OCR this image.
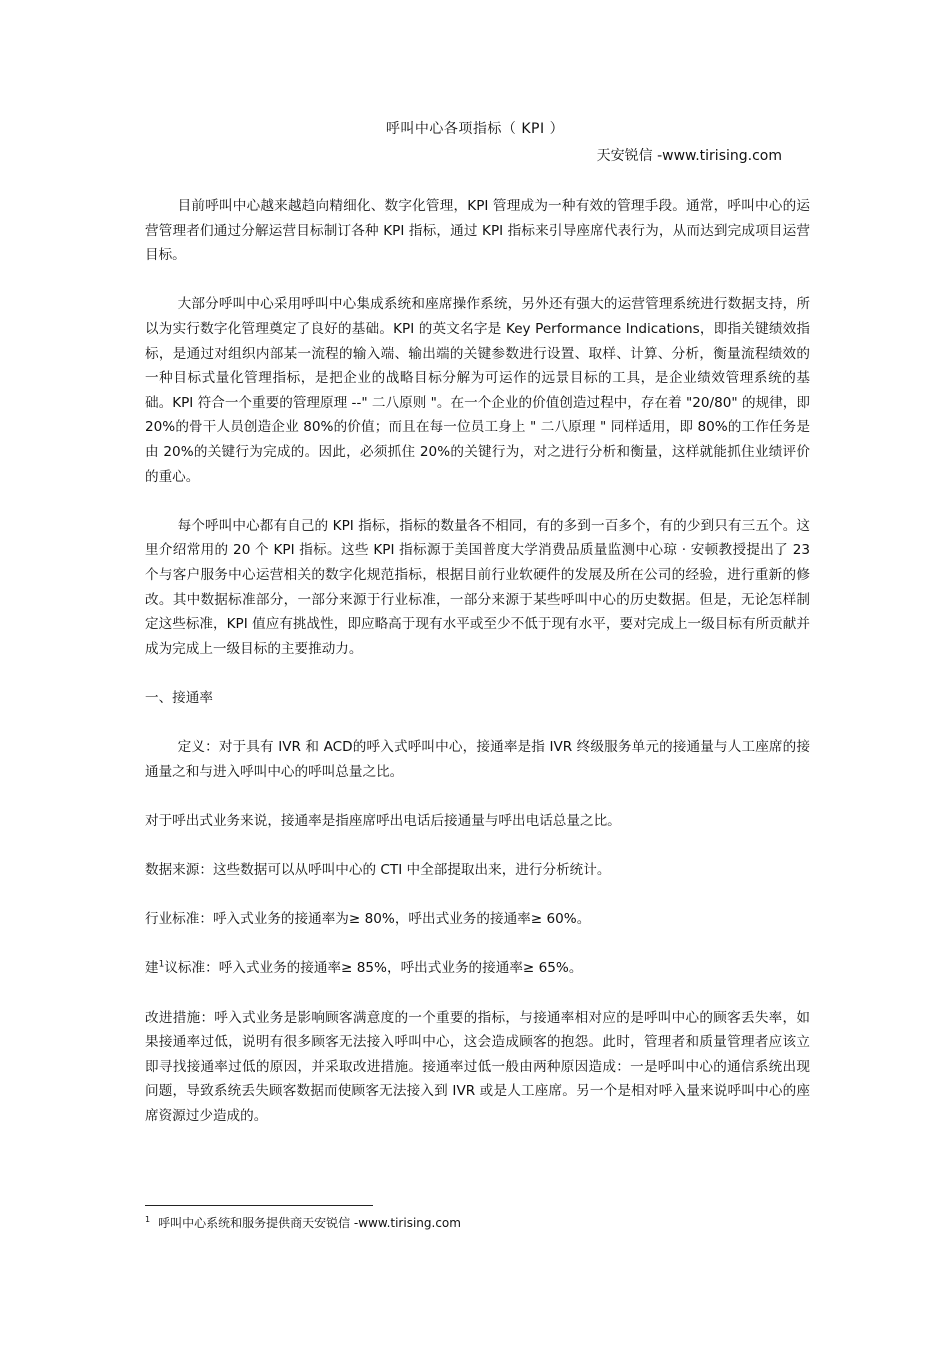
呼叫中心各项指标（ KPI ）
天安锐信 -www.tirising.com

目前呼叫中心越来越趋向精细化、数字化管理，KPI 管理成为一种有效的管理手段。通常，呼叫中心的运营管理者们通过分解运营目标制订各种 KPI 指标，通过 KPI 指标来引导座席代表行为，从而达到完成项目运营目标。

大部分呼叫中心采用呼叫中心集成系统和座席操作系统，另外还有强大的运营管理系统进行数据支持，所以为实行数字化管理奠定了良好的基础。KPI 的英文名字是 Key Performance Indications，即指关键绩效指标，是通过对组织内部某一流程的输入端、输出端的关键参数进行设置、取样、计算、分析，衡量流程绩效的一种目标式量化管理指标，是把企业的战略目标分解为可运作的远景目标的工具，是企业绩效管理系统的基础。KPI 符合一个重要的管理原理 --" 二八原则 "。在一个企业的价值创造过程中，存在着 "20/80" 的规律，即 20%的骨干人员创造企业 80%的价值；而且在每一位员工身上 " 二八原理 " 同样适用，即 80%的工作任务是由 20%的关键行为完成的。因此，必须抓住 20%的关键行为，对之进行分析和衡量，这样就能抓住业绩评价的重心。

每个呼叫中心都有自己的 KPI 指标，指标的数量各不相同，有的多到一百多个，有的少到只有三五个。这里介绍常用的 20 个 KPI 指标。这些 KPI 指标源于美国普度大学消费品质量监测中心琼 · 安顿教授提出了 23 个与客户服务中心运营相关的数字化规范指标，根据目前行业软硬件的发展及所在公司的经验，进行重新的修改。其中数据标准部分，一部分来源于行业标准，一部分来源于某些呼叫中心的历史数据。但是，无论怎样制定这些标准，KPI 值应有挑战性，即应略高于现有水平或至少不低于现有水平，要对完成上一级目标有所贡献并成为完成上一级目标的主要推动力。

一、接通率

定义：对于具有 IVR 和 ACD的呼入式呼叫中心，接通率是指 IVR 终级服务单元的接通量与人工座席的接通量之和与进入呼叫中心的呼叫总量之比。

对于呼出式业务来说，接通率是指座席呼出电话后接通量与呼出电话总量之比。

数据来源：这些数据可以从呼叫中心的 CTI 中全部提取出来，进行分析统计。

行业标准：呼入式业务的接通率为≥ 80%，呼出式业务的接通率≥ 60%。

建$^1$议标准：呼入式业务的接通率≥ 85%，呼出式业务的接通率≥ 65%。

改进措施：呼入式业务是影响顾客满意度的一个重要的指标，与接通率相对应的是呼叫中心的顾客丢失率，如果接通率过低，说明有很多顾客无法接入呼叫中心，这会造成顾客的抱怨。此时，管理者和质量管理者应该立即寻找接通率过低的原因，并采取改进措施。接通率过低一般由两种原因造成：一是呼叫中心的通信系统出现问题，导致系统丢失顾客数据而使顾客无法接入到 IVR 或是人工座席。另一个是相对呼入量来说呼叫中心的座席资源过少造成的。

$^1$ 呼叫中心系统和服务提供商天安锐信 -www.tirising.com
